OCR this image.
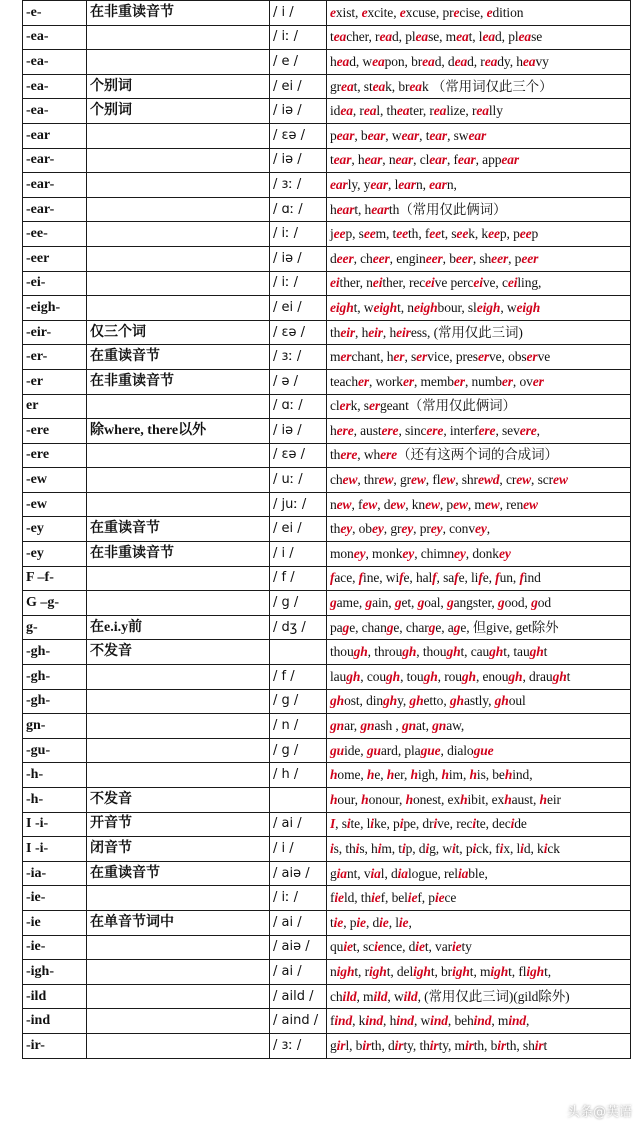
-e-	在非重读音节	/ i /	exist, excite, excuse, precise, edition
-ea-		/ iː /	teacher, read, please, meat, lead, please
-ea-		/ e /	head, weapon, bread, dead, ready, heavy
-ea-	个别词	/ ei /	great, steak, break （常用词仅此三个）
-ea-	个别词	/ iə /	idea, real, theater, realize, really
-ear		/ ɛə /	pear, bear, wear, tear, swear
-ear-		/ iə /	tear, hear, near, clear, fear, appear
-ear-		/ ɜː /	early, year, learn, earn,
-ear-		/ ɑː /	heart, hearth（常用仅此俩词）
-ee-		/ iː /	jeep, seem, teeth, feet, seek, keep, peep
-eer		/ iə /	deer, cheer, engineer, beer, sheer, peer
-ei-		/ iː /	either, neither, receive perceive, ceiling,
-eigh-		/ ei /	eight, weight, neighbour, sleigh, weigh
-eir-	仅三个词	/ ɛə /	their, heir, heiress, (常用仅此三词)
-er-	在重读音节	/ ɜː /	merchant, her, service, preserve, observe
-er	在非重读音节	/ ə /	teacher, worker, member, number, over
er		/ ɑː /	clerk, sergeant（常用仅此俩词）
-ere	除where, there以外	/ iə /	here, austere, sincere, interfere, severe,
-ere		/ ɛə /	there, where（还有这两个词的合成词）
-ew		/ uː /	chew, threw, grew, flew, shrewd, crew, screw
-ew		/ juː /	new, few, dew, knew, pew, mew, renew
-ey	在重读音节	/ ei /	they, obey, grey, prey, convey,
-ey	在非重读音节	/ i /	money, monkey, chimney, donkey
F –f-		/ f /	face, fine, wife, half, safe, life, fun, find
G –g-		/ g /	game, gain, get, goal, gangster, good, god
g-	在e.i.y前	/ dʒ /	page, change, charge, age, 但give, get除外
-gh-	不发音		though, through, thought, caught, taught
-gh-		/ f /	laugh, cough, tough, rough, enough, draught
-gh-		/ g /	ghost, dinghy, ghetto, ghastly, ghoul
gn-		/ n /	gnar, gnash , gnat, gnaw,
-gu-		/ g /	guide, guard, plague, dialogue
-h-		/ h /	home, he, her, high, him, his, behind,
-h-	不发音		hour, honour, honest, exhibit, exhaust, heir
I -i-	开音节	/ ai /	I, site, like, pipe, drive, recite, decide
I -i-	闭音节	/ i /	is, this, him, tip, dig, wit, pick, fix, lid, kick
-ia-	在重读音节	/ aiə /	giant, vial, dialogue, reliable,
-ie-		/ iː /	field, thief, belief, piece
-ie	在单音节词中	/ ai /	tie, pie, die, lie,
-ie-		/ aiə /	quiet, science, diet, variety
-igh-		/ ai /	night, right, delight, bright, might, flight,
-ild		/ aild /	child, mild, wild, (常用仅此三词)(gild除外)
-ind		/ aind /	find, kind, hind, wind, behind, mind,
-ir-		/ ɜː /	girl, birth, dirty, thirty, mirth, birth, shirt
头条@英语
